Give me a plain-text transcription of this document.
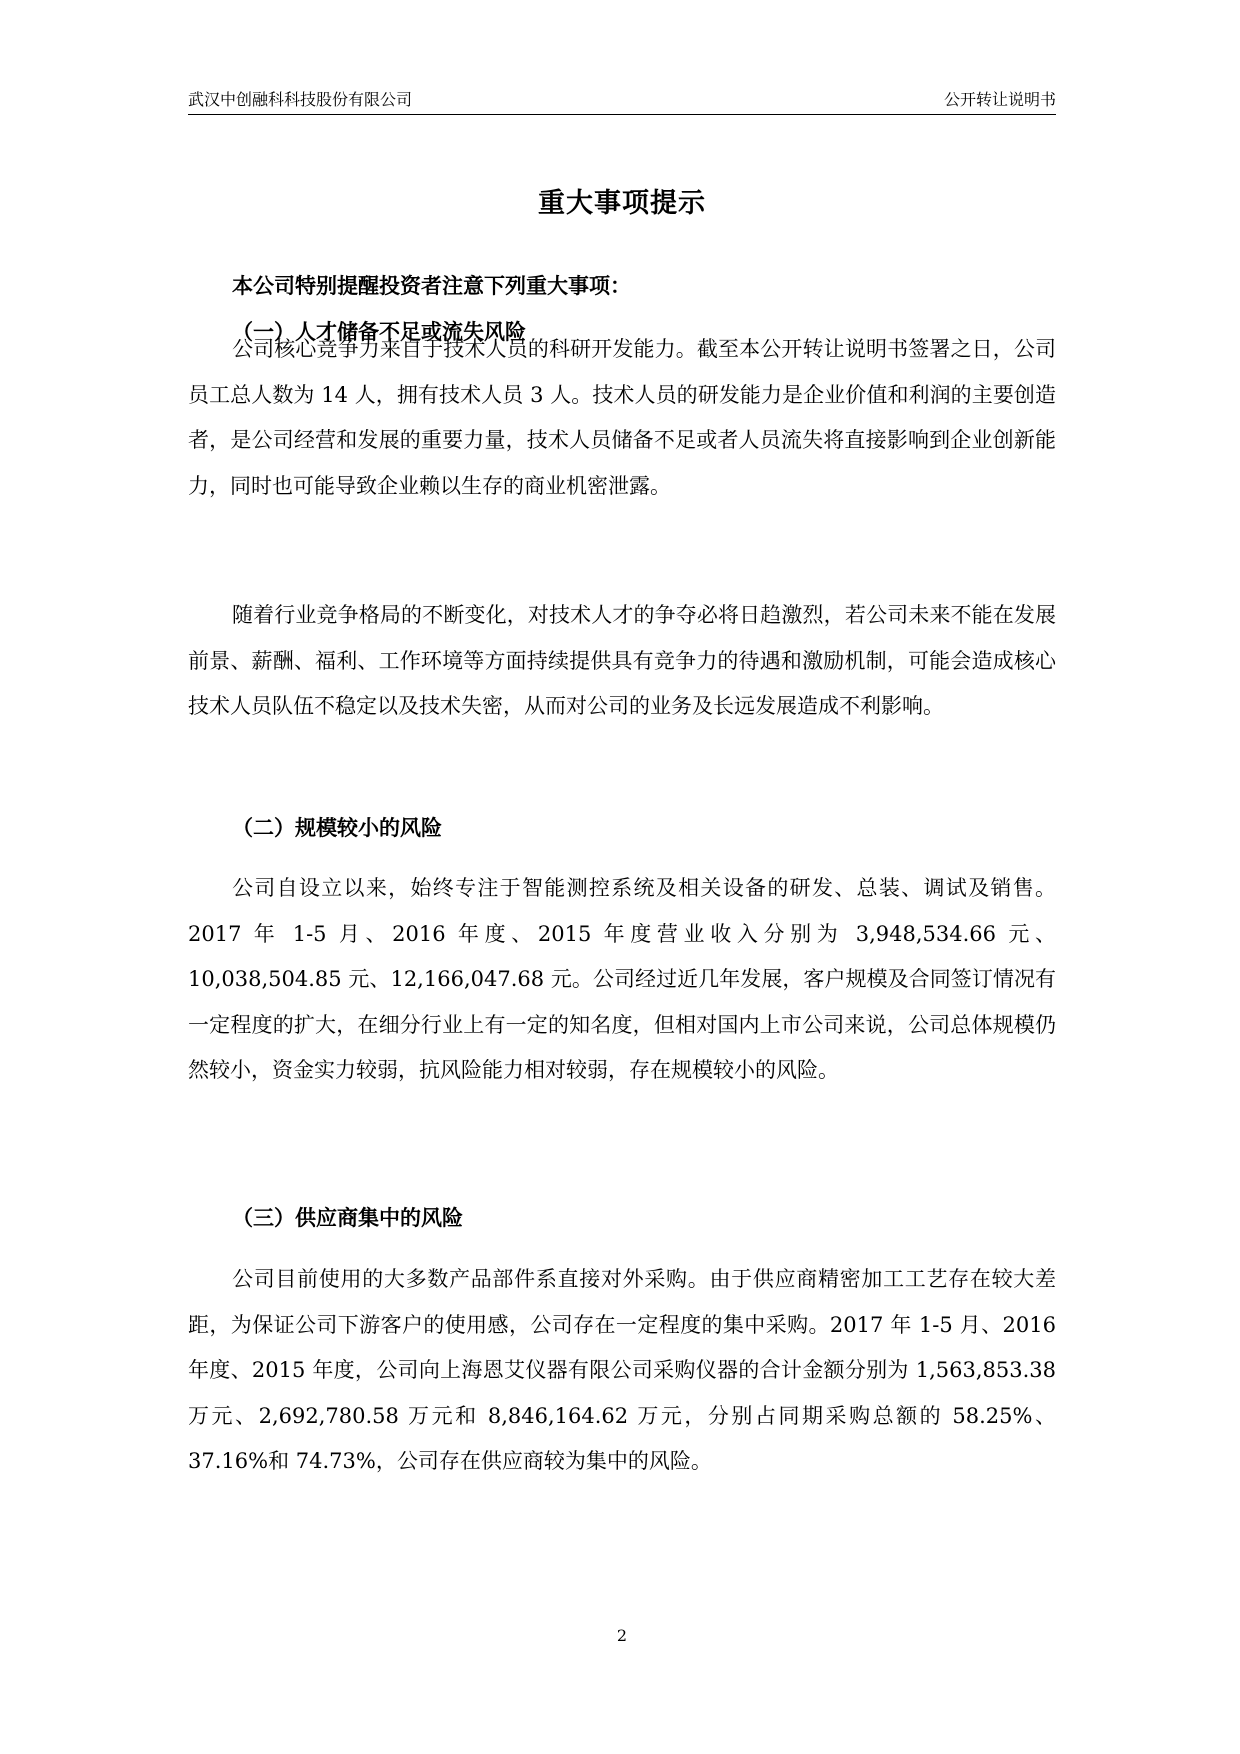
武汉中创融科科技股份有限公司	公开转让说明书
重大事项提示
本公司特别提醒投资者注意下列重大事项：
（一）人才储备不足或流失风险

公司核心竞争力来自于技术人员的科研开发能力。截至本公开转让说明书签署之日，公司员工总人数为 14 人，拥有技术人员 3 人。技术人员的研发能力是企业价值和利润的主要创造者，是公司经营和发展的重要力量，技术人员储备不足或者人员流失将直接影响到企业创新能力，同时也可能导致企业赖以生存的商业机密泄露。

随着行业竞争格局的不断变化，对技术人才的争夺必将日趋激烈，若公司未来不能在发展前景、薪酬、福利、工作环境等方面持续提供具有竞争力的待遇和激励机制，可能会造成核心技术人员队伍不稳定以及技术失密，从而对公司的业务及长远发展造成不利影响。

（二）规模较小的风险

公司自设立以来，始终专注于智能测控系统及相关设备的研发、总装、调试及销售。2017 年 1-5 月、2016 年度、2015 年度营业收入分别为 3,948,534.66 元、10,038,504.85 元、12,166,047.68 元。公司经过近几年发展，客户规模及合同签订情况有一定程度的扩大，在细分行业上有一定的知名度，但相对国内上市公司来说，公司总体规模仍然较小，资金实力较弱，抗风险能力相对较弱，存在规模较小的风险。

（三）供应商集中的风险

公司目前使用的大多数产品部件系直接对外采购。由于供应商精密加工工艺存在较大差距，为保证公司下游客户的使用感，公司存在一定程度的集中采购。2017 年 1-5 月、2016 年度、2015 年度，公司向上海恩艾仪器有限公司采购仪器的合计金额分别为 1,563,853.38 万元、2,692,780.58 万元和 8,846,164.62 万元，分别占同期采购总额的 58.25%、37.16%和 74.73%，公司存在供应商较为集中的风险。

2
